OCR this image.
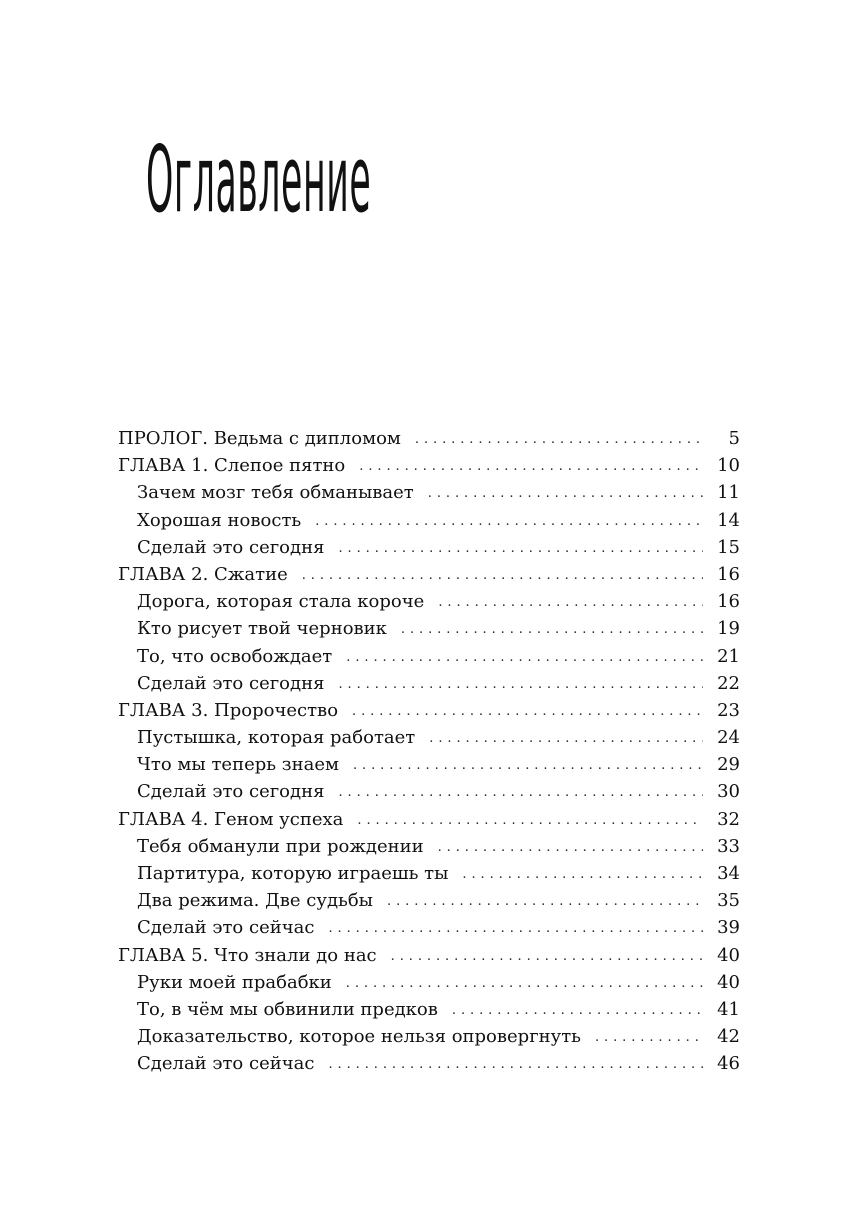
Оглавление
ПРОЛОГ. Ведьма с дипломом . . .	5
ГЛАВА 1. Слепое пятно . . .	10
Зачем мозг тебя обманывает . . .	11
Хорошая новость . . .	14
Сделай это сегодня . . .	15
ГЛАВА 2. Сжатие . . .	16
Дорога, которая стала короче . . .	16
Кто рисует твой черновик . . .	19
То, что освобождает . . .	21
Сделай это сегодня . . .	22
ГЛАВА 3. Пророчество . . .	23
Пустышка, которая работает . . .	24
Что мы теперь знаем . . .	29
Сделай это сегодня . . .	30
ГЛАВА 4. Геном успеха . . .	32
Тебя обманули при рождении . . .	33
Партитура, которую играешь ты . . .	34
Два режима. Две судьбы . . .	35
Сделай это сейчас . . .	39
ГЛАВА 5. Что знали до нас . . .	40
Руки моей прабабки . . .	40
То, в чём мы обвинили предков . . .	41
Доказательство, которое нельзя опровергнуть . . .	42
Сделай это сейчас . . .	46
